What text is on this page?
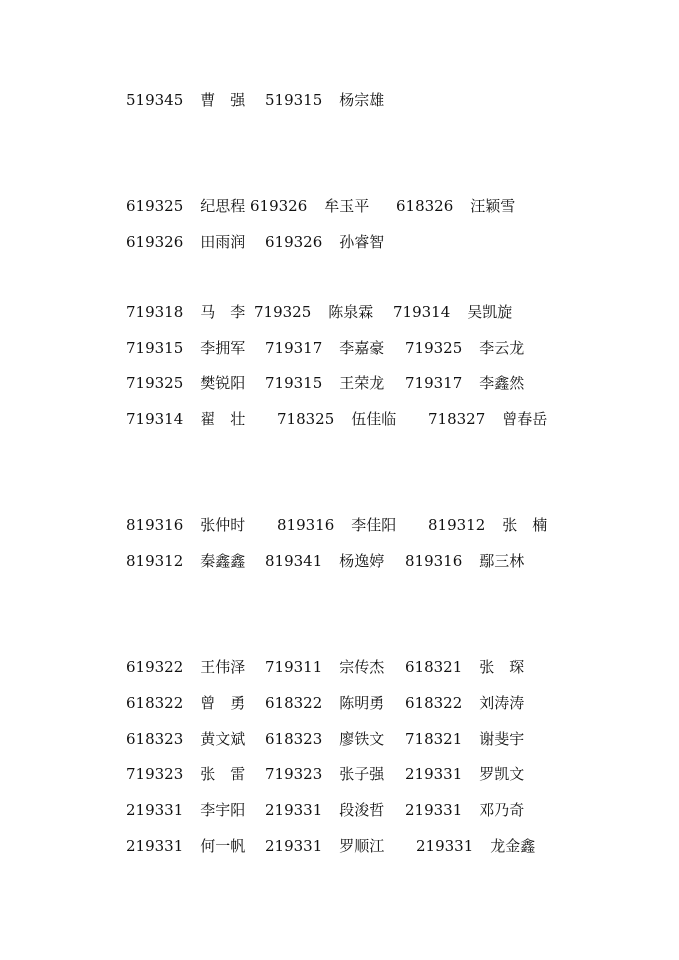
519345 曹　强 519315 杨宗雄
619325 纪思程 619326 牟玉平 618326 汪颖雪
619326 田雨润 619326 孙睿智
719318 马　李 719325 陈泉霖 719314 吴凯旋
719315 李拥军 719317 李嘉豪 719325 李云龙
719325 樊锐阳 719315 王荣龙 719317 李鑫然
719314 翟　壮 718325 伍佳临 718327 曾春岳
819316 张仲时 819316 李佳阳 819312 张　楠
819312 秦鑫鑫 819341 杨逸婷 819316 鄢三林
619322 王伟泽 719311 宗传杰 618321 张　琛
618322 曾　勇 618322 陈明勇 618322 刘涛涛
618323 黄文斌 618323 廖铁文 718321 谢斐宇
719323 张　雷 719323 张子强 219331 罗凯文
219331 李宇阳 219331 段浚哲 219331 邓乃奇
219331 何一帆 219331 罗顺江 219331 龙金鑫
